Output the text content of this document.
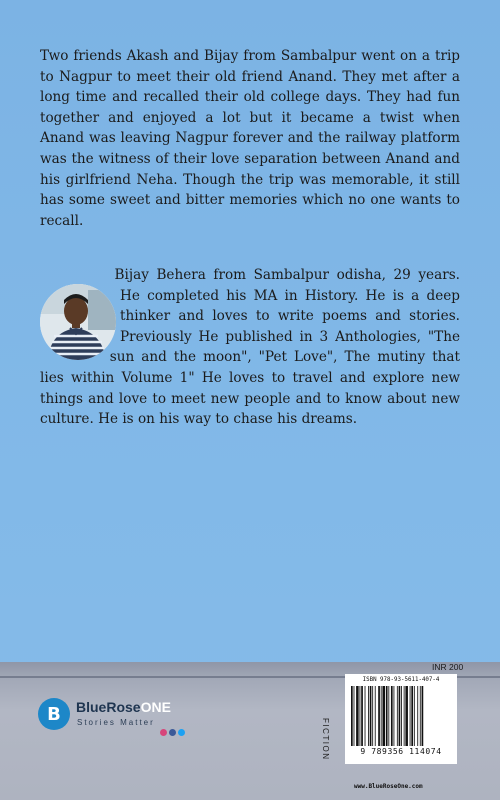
Two friends Akash and Bijay from Sambalpur went on a trip to Nagpur to meet their old friend Anand. They met after a long time and recalled their old college days. They had fun together and enjoyed a lot but it became a twist when Anand was leaving Nagpur forever and the railway platform was the witness of their love separation between Anand and his girlfriend Neha. Though the trip was memorable, it still has some sweet and bitter memories which no one wants to recall.

Bijay Behera from Sambalpur odisha, 29 years. He completed his MA in History. He is a deep thinker and loves to write poems and stories. Previously He published in 3 Anthologies, "The sun and the moon", "Pet Love", The mutiny that lies within Volume 1" He loves to travel and explore new things and love to meet new people and to know about new culture. He is on his way to chase his dreams.

B	BlueRoseONE
Stories Matter
INR 200
FICTION
ISBN 978-93-5611-407-4
9 789356 114074
www.BlueRoseOne.com
